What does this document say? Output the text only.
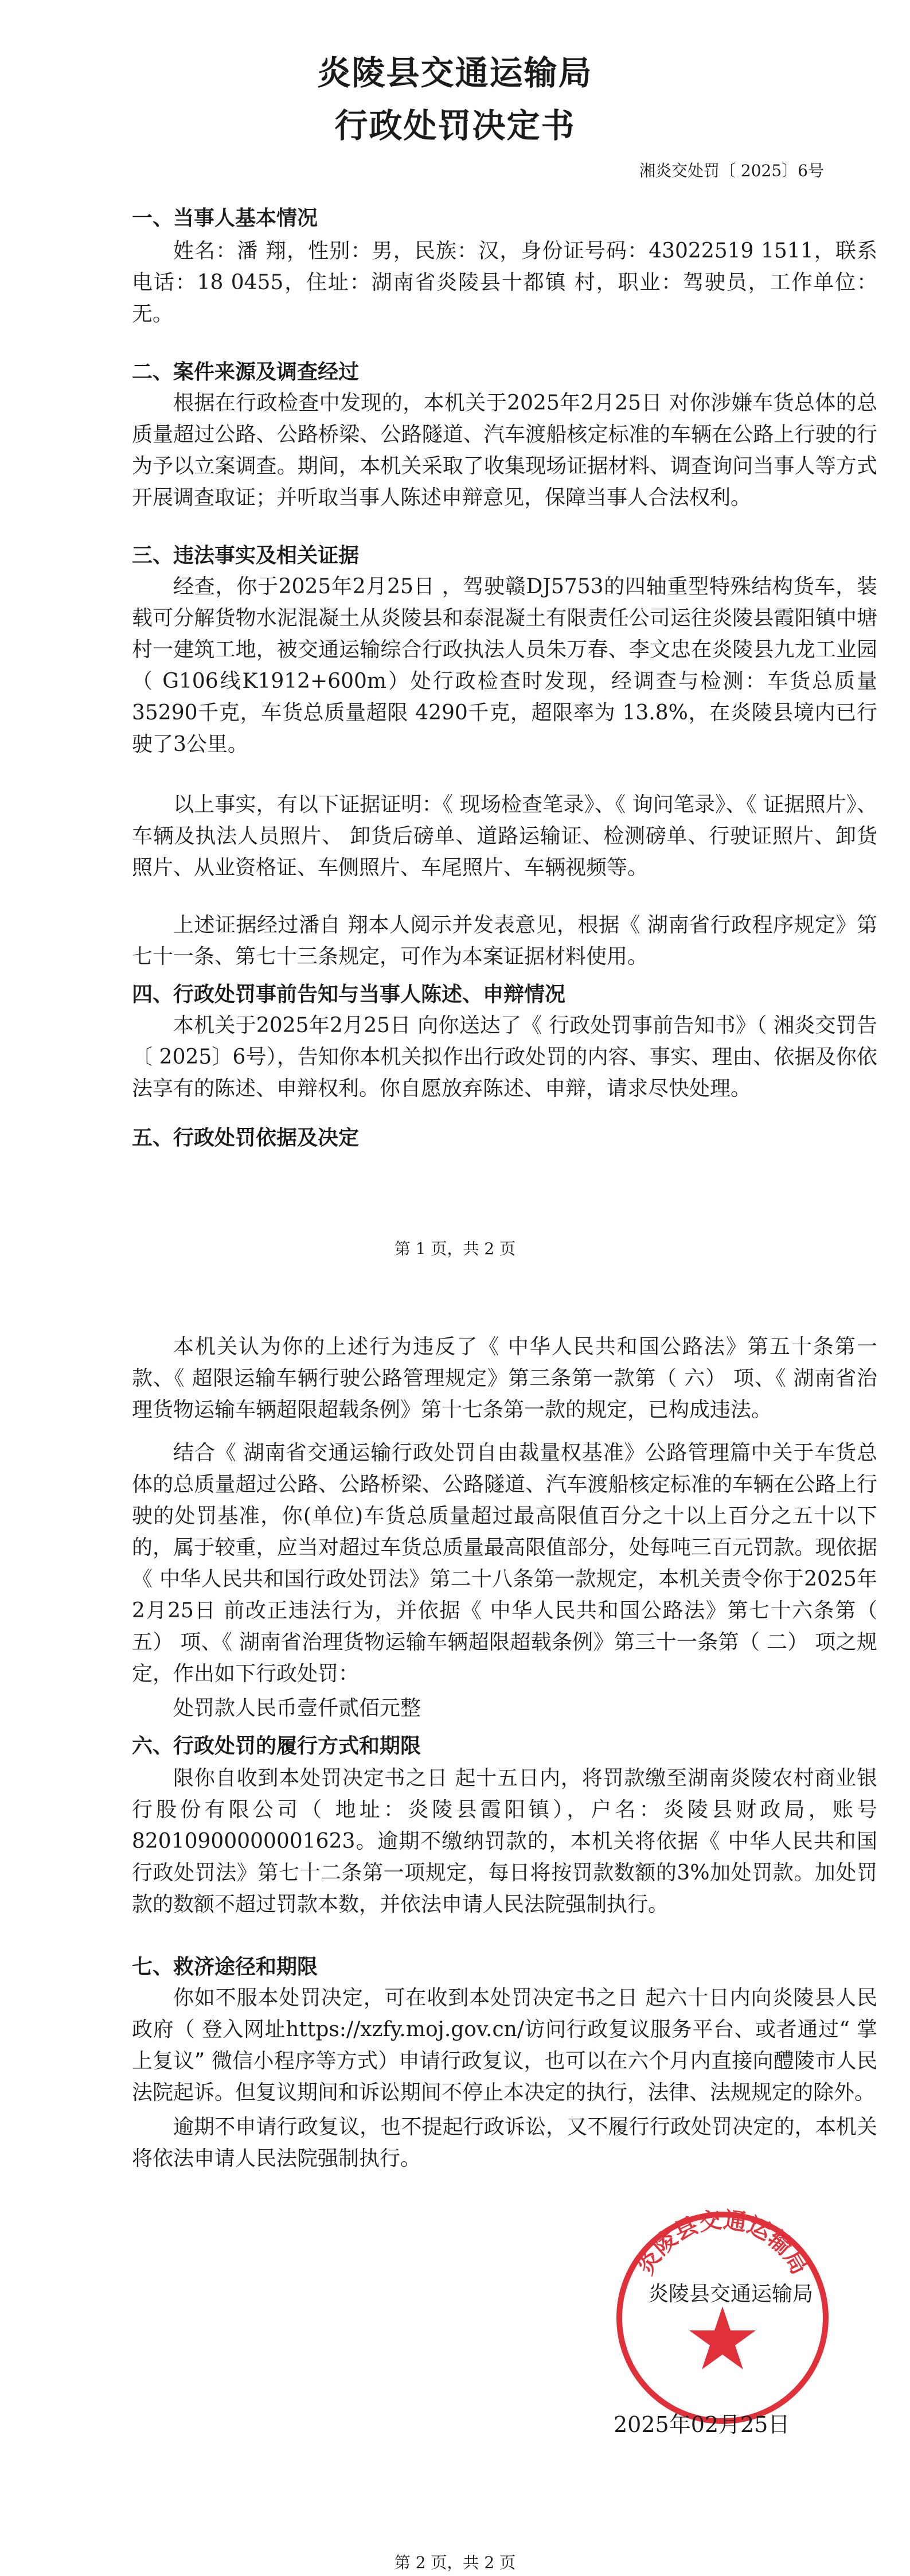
炎陵县交通运输局
行政处罚决定书
湘炎交处罚〔 2025〕6号
一、当事人基本情况

姓名：潘 翔，性别：男，民族：汉，身份证号码：43022519 1511，联系电话：18 0455，住址：湖南省炎陵县十都镇 村，职业：驾驶员，工作单位：无。

二、案件来源及调查经过

根据在行政检查中发现的，本机关于2025年2月25日 对你涉嫌车货总体的总质量超过公路、公路桥梁、公路隧道、汽车渡船核定标准的车辆在公路上行驶的行为予以立案调查。期间，本机关采取了收集现场证据材料、调查询问当事人等方式开展调查取证；并听取当事人陈述申辩意见，保障当事人合法权利。

三、违法事实及相关证据

经查，你于2025年2月25日 ，驾驶赣DJ5753的四轴重型特殊结构货车，装载可分解货物水泥混凝土从炎陵县和泰混凝土有限责任公司运往炎陵县霞阳镇中塘村一建筑工地，被交通运输综合行政执法人员朱万春、李文忠在炎陵县九龙工业园（ G106线K1912+600m）处行政检查时发现，经调查与检测：车货总质量 35290千克，车货总质量超限 4290千克，超限率为 13.8%，在炎陵县境内已行驶了3公里。

以上事实，有以下证据证明：《 现场检查笔录》、《 询问笔录》、《 证据照片》、车辆及执法人员照片、 卸货后磅单、道路运输证、检测磅单、行驶证照片、卸货照片、从业资格证、车侧照片、车尾照片、车辆视频等。

上述证据经过潘自 翔本人阅示并发表意见，根据《 湖南省行政程序规定》第七十一条、第七十三条规定，可作为本案证据材料使用。

四、行政处罚事前告知与当事人陈述、申辩情况

本机关于2025年2月25日 向你送达了《 行政处罚事前告知书》（ 湘炎交罚告〔 2025〕6号），告知你本机关拟作出行政处罚的内容、事实、理由、依据及你依法享有的陈述、申辩权利。你自愿放弃陈述、申辩，请求尽快处理。

五、行政处罚依据及决定
第 1 页，共 2 页

本机关认为你的上述行为违反了《 中华人民共和国公路法》第五十条第一款、《 超限运输车辆行驶公路管理规定》第三条第一款第（ 六） 项、《 湖南省治理货物运输车辆超限超载条例》第十七条第一款的规定，已构成违法。

结合《 湖南省交通运输行政处罚自由裁量权基准》公路管理篇中关于车货总体的总质量超过公路、公路桥梁、公路隧道、汽车渡船核定标准的车辆在公路上行驶的处罚基准，你(单位)车货总质量超过最高限值百分之十以上百分之五十以下的，属于较重，应当对超过车货总质量最高限值部分，处每吨三百元罚款。现依据《 中华人民共和国行政处罚法》第二十八条第一款规定，本机关责令你于2025年2月25日 前改正违法行为，并依据《 中华人民共和国公路法》第七十六条第（ 五） 项、《 湖南省治理货物运输车辆超限超载条例》第三十一条第（ 二） 项之规定，作出如下行政处罚：

处罚款人民币壹仟贰佰元整

六、行政处罚的履行方式和期限

限你自收到本处罚决定书之日 起十五日内，将罚款缴至湖南炎陵农村商业银行股份有限公司（ 地址：炎陵县霞阳镇），户名：炎陵县财政局，账号82010900000001623。逾期不缴纳罚款的，本机关将依据《 中华人民共和国行政处罚法》第七十二条第一项规定，每日将按罚款数额的3%加处罚款。加处罚款的数额不超过罚款本数，并依法申请人民法院强制执行。

七、救济途径和期限

你如不服本处罚决定，可在收到本处罚决定书之日 起六十日内向炎陵县人民政府（ 登入网址https://xzfy.moj.gov.cn/访问行政复议服务平台、或者通过“ 掌上复议” 微信小程序等方式）申请行政复议，也可以在六个月内直接向醴陵市人民法院起诉。但复议期间和诉讼期间不停止本决定的执行，法律、法规规定的除外。

逾期不申请行政复议，也不提起行政诉讼，又不履行行政处罚决定的，本机关将依法申请人民法院强制执行。

炎陵县交通运输局
炎陵县交通运输局
2025年02月25日
第 2 页，共 2 页
